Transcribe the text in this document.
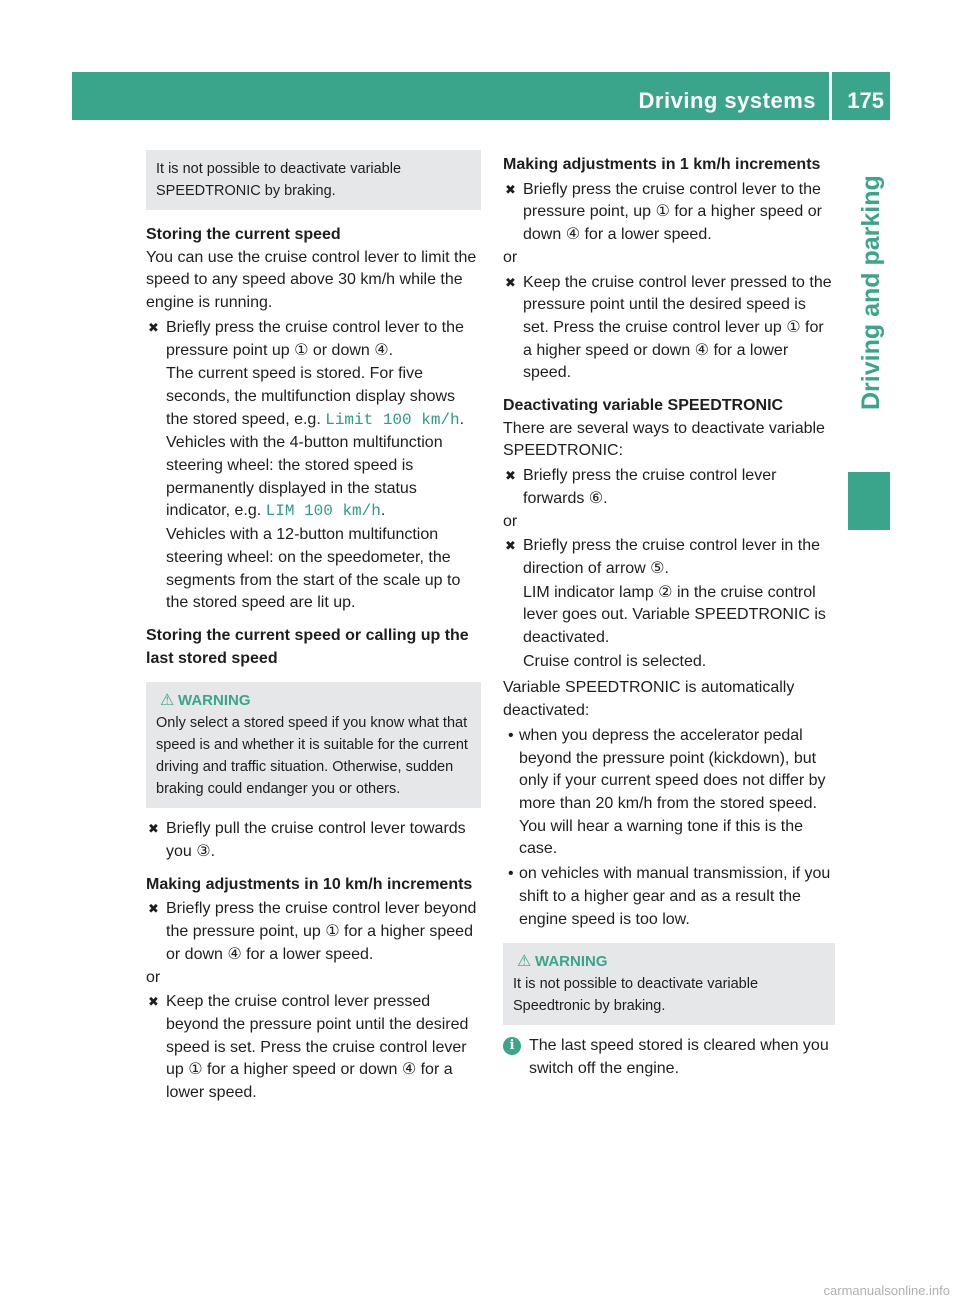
Driving systems 175
Driving and parking
It is not possible to deactivate variable SPEEDTRONIC by braking.
Storing the current speed
You can use the cruise control lever to limit the speed to any speed above 30 km/h while the engine is running.
✖ Briefly press the cruise control lever to the pressure point up ① or down ④.
The current speed is stored. For five seconds, the multifunction display shows the stored speed, e.g. Limit 100 km/h.
Vehicles with the 4-button multifunction steering wheel: the stored speed is permanently displayed in the status indicator, e.g. LIM 100 km/h.
Vehicles with a 12-button multifunction steering wheel: on the speedometer, the segments from the start of the scale up to the stored speed are lit up.
Storing the current speed or calling up the last stored speed
⚠ WARNING
Only select a stored speed if you know what that speed is and whether it is suitable for the current driving and traffic situation. Otherwise, sudden braking could endanger you or others.
✖ Briefly pull the cruise control lever towards you ③.
Making adjustments in 10 km/h increments
✖ Briefly press the cruise control lever beyond the pressure point, up ① for a higher speed or down ④ for a lower speed.
or
✖ Keep the cruise control lever pressed beyond the pressure point until the desired speed is set. Press the cruise control lever up ① for a higher speed or down ④ for a lower speed.
Making adjustments in 1 km/h increments
✖ Briefly press the cruise control lever to the pressure point, up ① for a higher speed or down ④ for a lower speed.
or
✖ Keep the cruise control lever pressed to the pressure point until the desired speed is set. Press the cruise control lever up ① for a higher speed or down ④ for a lower speed.
Deactivating variable SPEEDTRONIC
There are several ways to deactivate variable SPEEDTRONIC:
✖ Briefly press the cruise control lever forwards ⑥.
or
✖ Briefly press the cruise control lever in the direction of arrow ⑤.
LIM indicator lamp ② in the cruise control lever goes out. Variable SPEEDTRONIC is deactivated.
Cruise control is selected.
Variable SPEEDTRONIC is automatically deactivated:
• when you depress the accelerator pedal beyond the pressure point (kickdown), but only if your current speed does not differ by more than 20 km/h from the stored speed. You will hear a warning tone if this is the case.
• on vehicles with manual transmission, if you shift to a higher gear and as a result the engine speed is too low.
⚠ WARNING
It is not possible to deactivate variable Speedtronic by braking.
i The last speed stored is cleared when you switch off the engine.
carmanualsonline.info
